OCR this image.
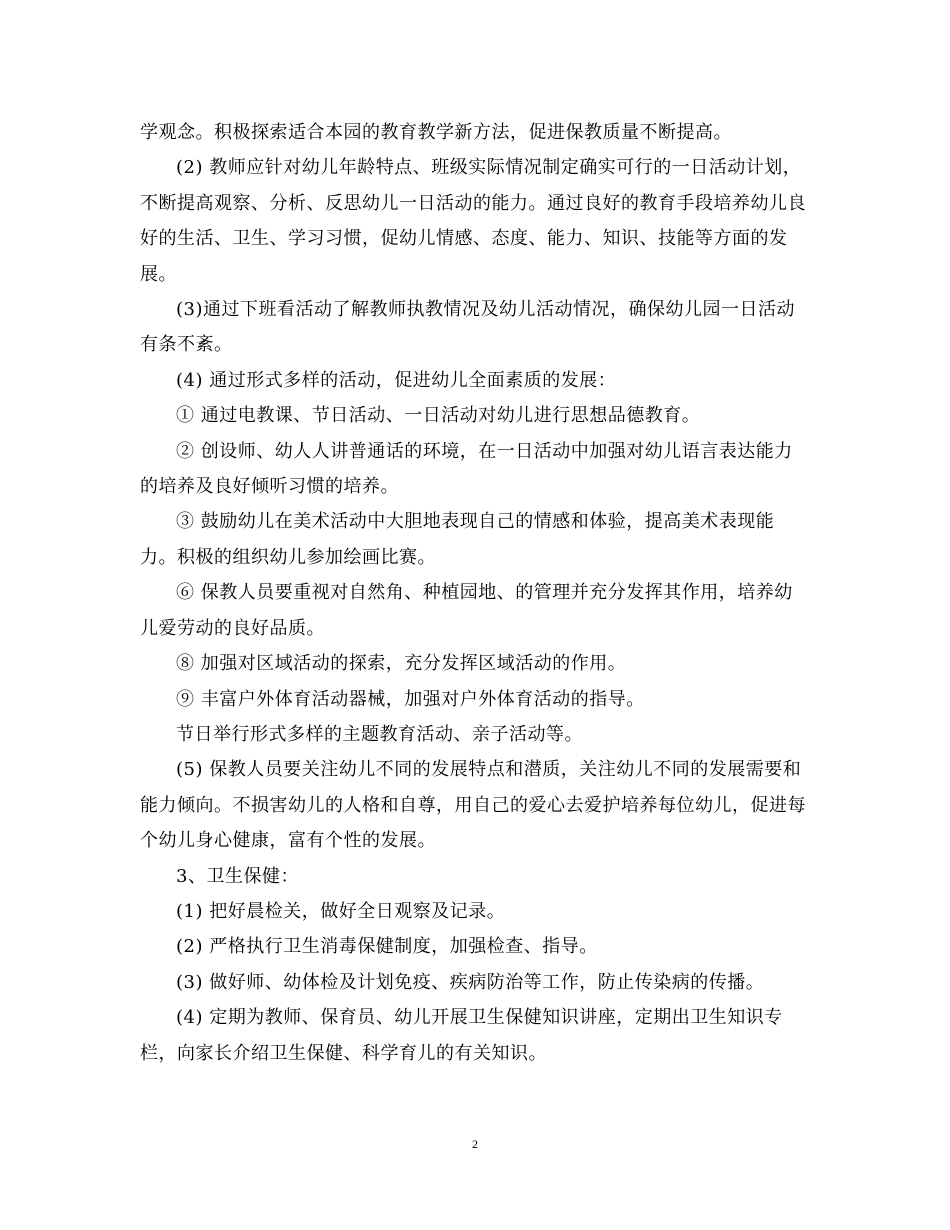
学观念。积极探索适合本园的教育教学新方法，促进保教质量不断提高。
(2) 教师应针对幼儿年龄特点、班级实际情况制定确实可行的一日活动计划，
不断提高观察、分析、反思幼儿一日活动的能力。通过良好的教育手段培养幼儿良
好的生活、卫生、学习习惯，促幼儿情感、态度、能力、知识、技能等方面的发
展。
(3)通过下班看活动了解教师执教情况及幼儿活动情况，确保幼儿园一日活动
有条不紊。
(4) 通过形式多样的活动，促进幼儿全面素质的发展：
① 通过电教课、节日活动、一日活动对幼儿进行思想品德教育。
② 创设师、幼人人讲普通话的环境，在一日活动中加强对幼儿语言表达能力
的培养及良好倾听习惯的培养。
③ 鼓励幼儿在美术活动中大胆地表现自己的情感和体验，提高美术表现能
力。积极的组织幼儿参加绘画比赛。
⑥ 保教人员要重视对自然角、种植园地、的管理并充分发挥其作用，培养幼
儿爱劳动的良好品质。
⑧ 加强对区域活动的探索，充分发挥区域活动的作用。
⑨ 丰富户外体育活动器械，加强对户外体育活动的指导。
节日举行形式多样的主题教育活动、亲子活动等。
(5) 保教人员要关注幼儿不同的发展特点和潜质，关注幼儿不同的发展需要和
能力倾向。不损害幼儿的人格和自尊，用自己的爱心去爱护培养每位幼儿，促进每
个幼儿身心健康，富有个性的发展。
3、卫生保健：
(1) 把好晨检关，做好全日观察及记录。
(2) 严格执行卫生消毒保健制度，加强检查、指导。
(3) 做好师、幼体检及计划免疫、疾病防治等工作，防止传染病的传播。
(4) 定期为教师、保育员、幼儿开展卫生保健知识讲座，定期出卫生知识专
栏，向家长介绍卫生保健、科学育儿的有关知识。
2
